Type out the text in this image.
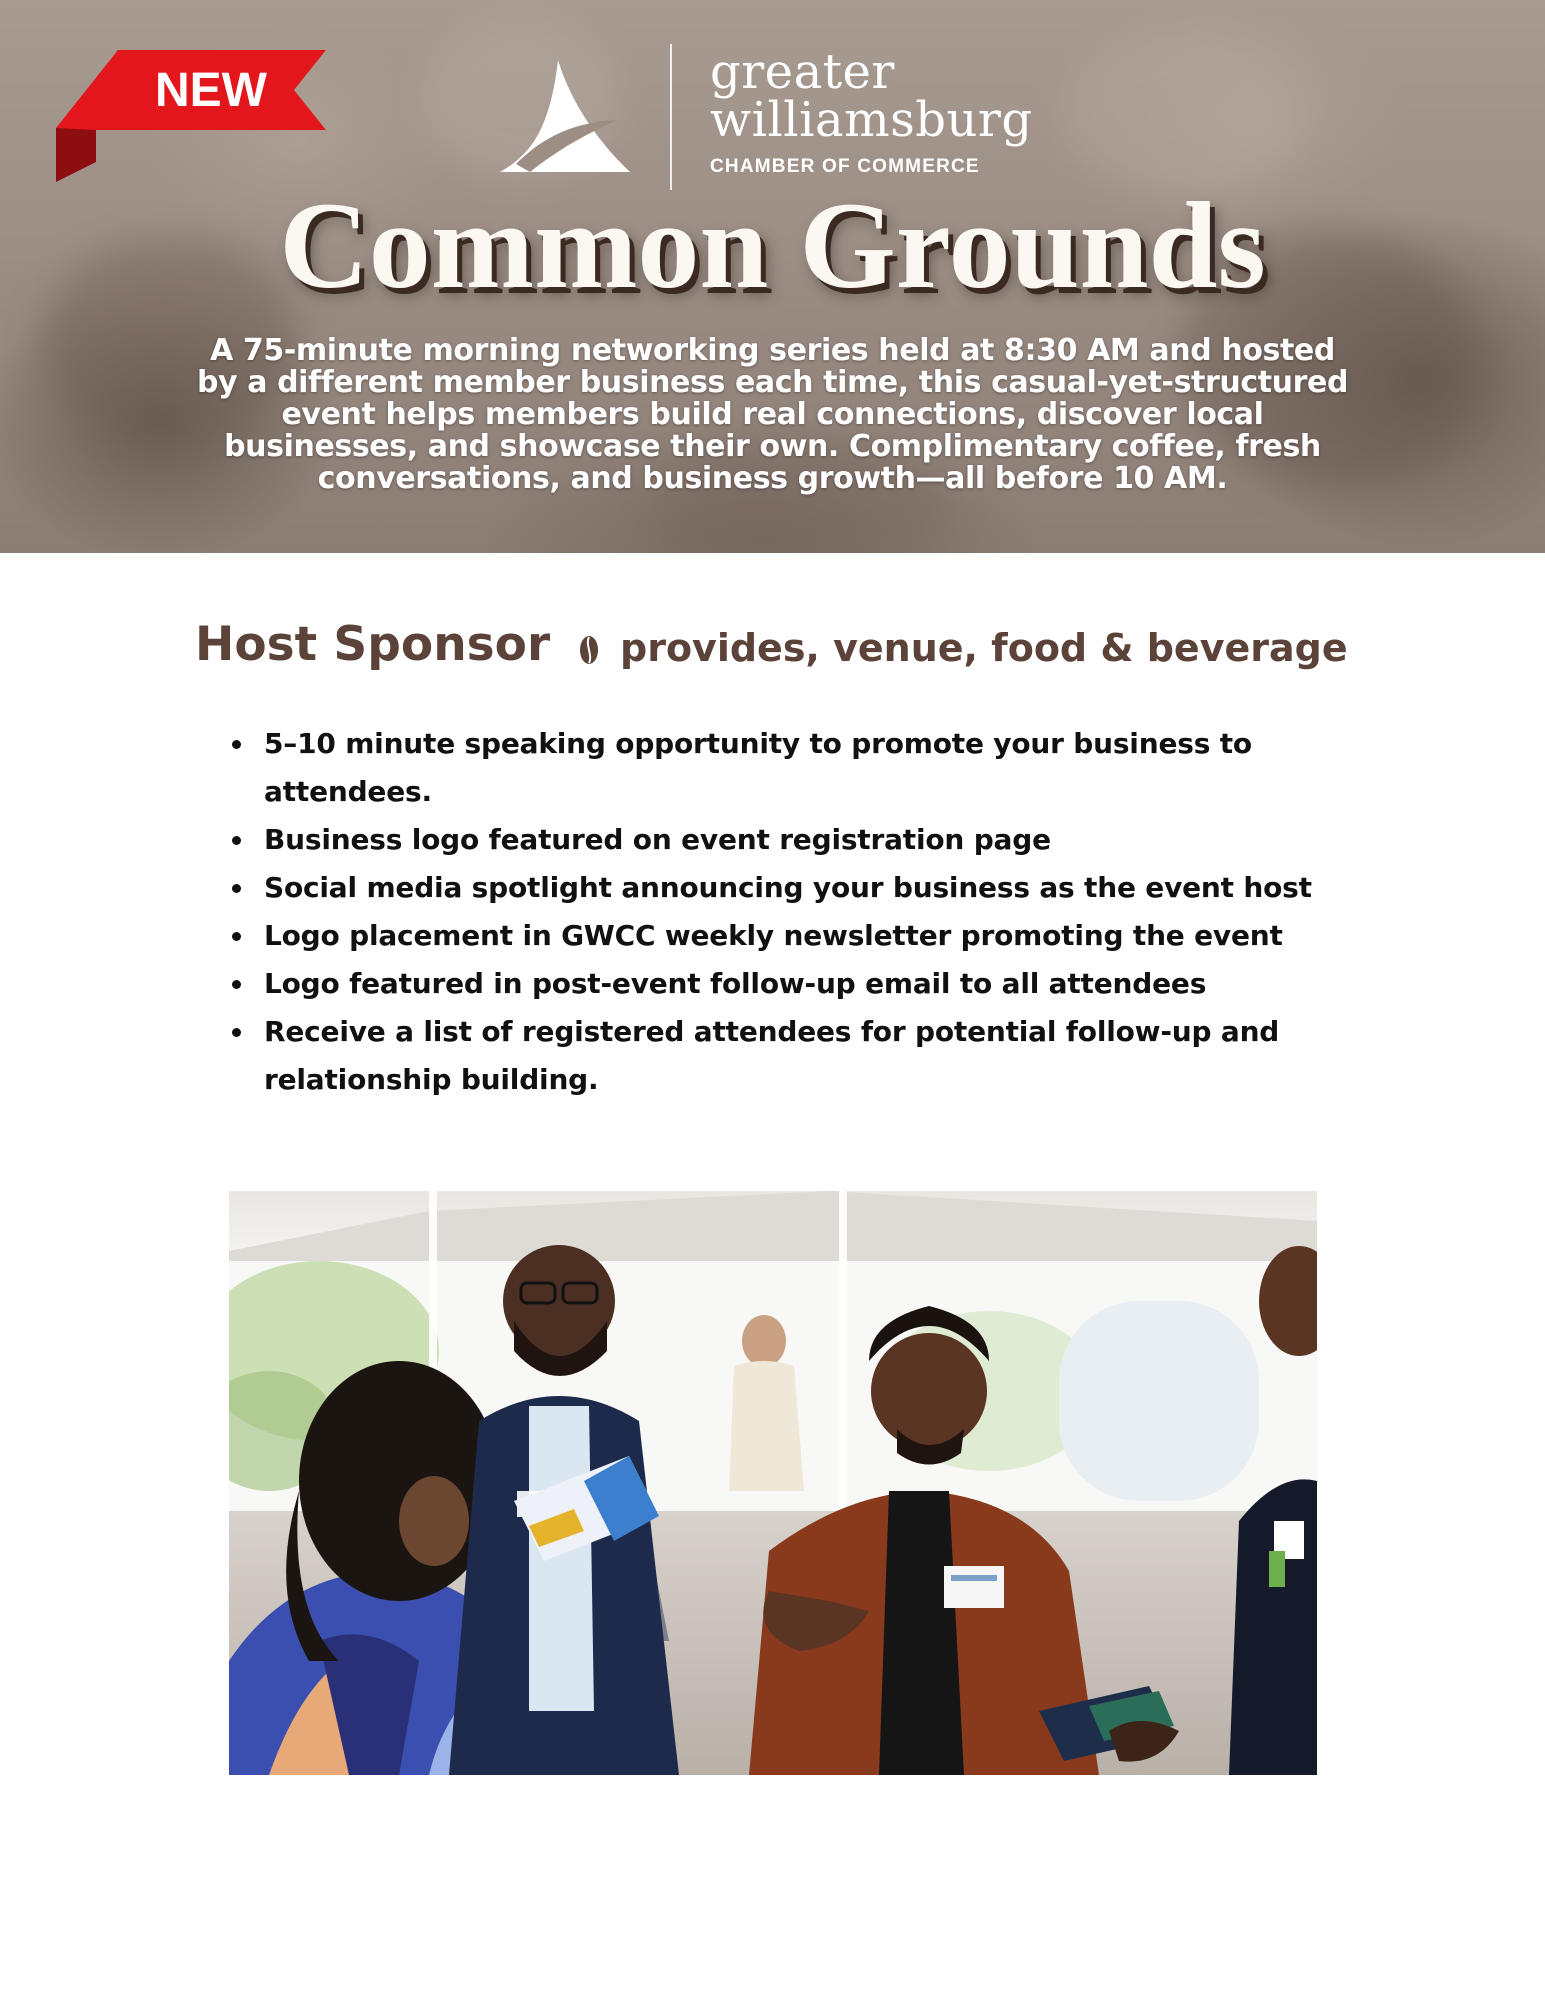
NEW	greater
williamsburg
CHAMBER OF COMMERCE
Common Grounds

A 75-minute morning networking series held at 8:30 AM and hosted by a different member business each time, this casual-yet-structured event helps members build real connections, discover local businesses, and showcase their own. Complimentary coffee, fresh conversations, and business growth—all before 10 AM.

Host Sponsor provides, venue, food & beverage
5–10 minute speaking opportunity to promote your business to attendees.
Business logo featured on event registration page
Social media spotlight announcing your business as the event host
Logo placement in GWCC weekly newsletter promoting the event
Logo featured in post-event follow-up email to all attendees
Receive a list of registered attendees for potential follow-up and relationship building.
